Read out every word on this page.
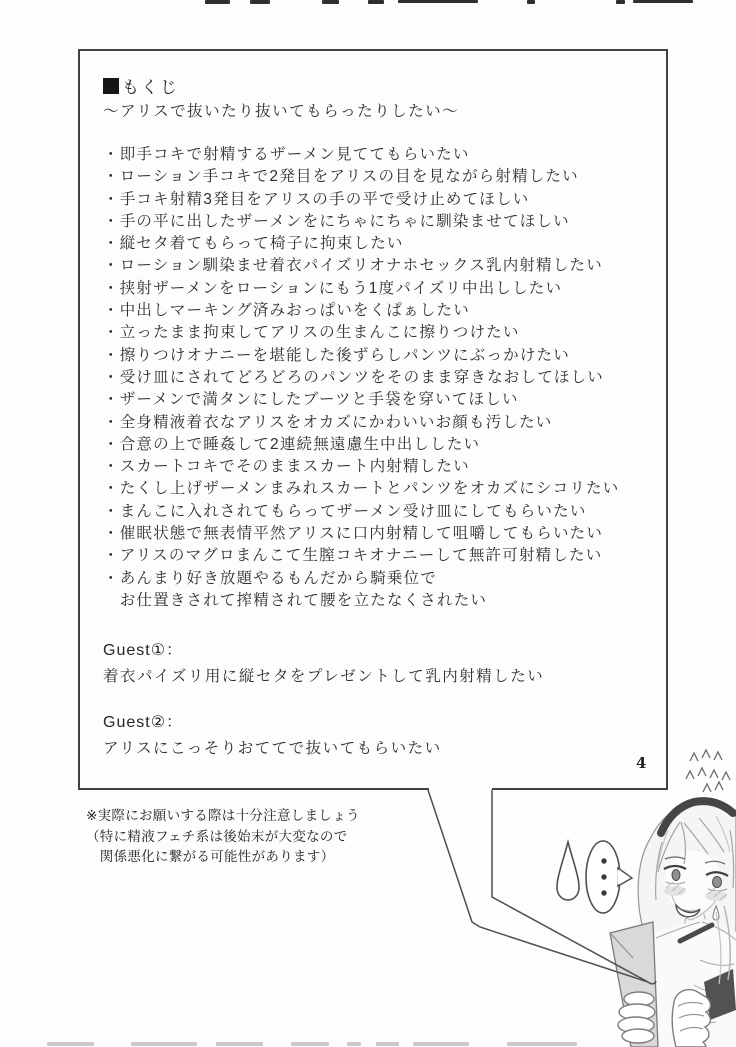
もくじ
～アリスで抜いたり抜いてもらったりしたい～
・即手コキで射精するザーメン見ててもらいたい
・ローション手コキで2発目をアリスの目を見ながら射精したい
・手コキ射精3発目をアリスの手の平で受け止めてほしい
・手の平に出したザーメンをにちゃにちゃに馴染ませてほしい
・縦セタ着てもらって椅子に拘束したい
・ローション馴染ませ着衣パイズリオナホセックス乳内射精したい
・挟射ザーメンをローションにもう1度パイズリ中出ししたい
・中出しマーキング済みおっぱいをくぱぁしたい
・立ったまま拘束してアリスの生まんこに擦りつけたい
・擦りつけオナニーを堪能した後ずらしパンツにぶっかけたい
・受け皿にされてどろどろのパンツをそのまま穿きなおしてほしい
・ザーメンで満タンにしたブーツと手袋を穿いてほしい
・全身精液着衣なアリスをオカズにかわいいお顔も汚したい
・合意の上で睡姦して2連続無遠慮生中出ししたい
・スカートコキでそのままスカート内射精したい
・たくし上げザーメンまみれスカートとパンツをオカズにシコリたい
・まんこに入れされてもらってザーメン受け皿にしてもらいたい
・催眠状態で無表情平然アリスに口内射精して咀嚼してもらいたい
・アリスのマグロまんこて生膣コキオナニーして無許可射精したい
・あんまり好き放題やるもんだから騎乗位で
　お仕置きされて搾精されて腰を立たなくされたい
Guest①：
着衣パイズリ用に縦セタをプレゼントして乳内射精したい
Guest②：
アリスにこっそりおててで抜いてもらいたい
4
※実際にお願いする際は十分注意しましょう
（特に精液フェチ系は後始末が大変なので
　関係悪化に繋がる可能性があります）
